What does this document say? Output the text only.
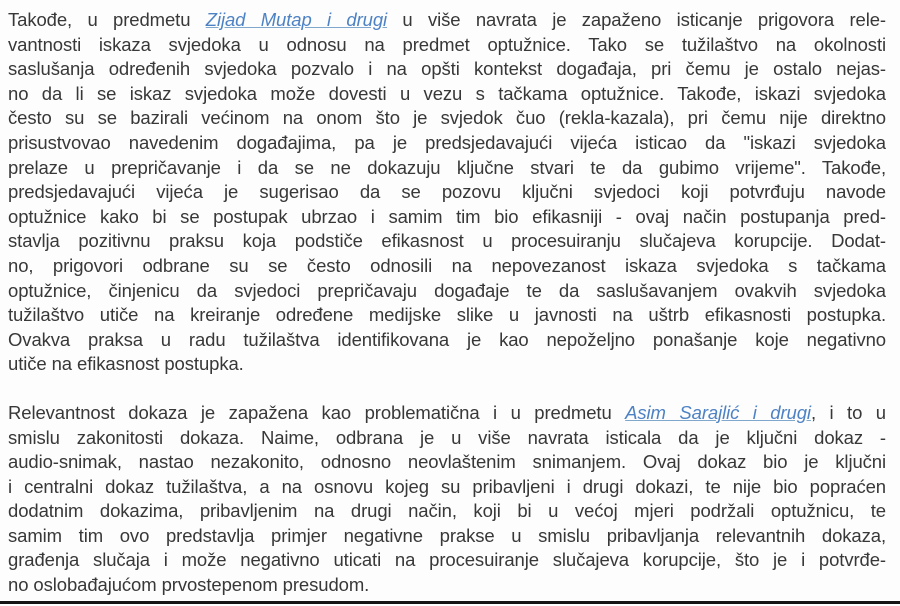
Takođe, u predmetu Zijad Mutap i drugi u više navrata je zapaženo isticanje prigovora rele-
vantnosti iskaza svjedoka u odnosu na predmet optužnice. Tako se tužilaštvo na okolnosti
saslušanja određenih svjedoka pozvalo i na opšti kontekst događaja, pri čemu je ostalo nejas-
no da li se iskaz svjedoka može dovesti u vezu s tačkama optužnice. Takođe, iskazi svjedoka
često su se bazirali većinom na onom što je svjedok čuo (rekla-kazala), pri čemu nije direktno
prisustvovao navedenim događajima, pa je predsjedavajući vijeća isticao da "iskazi svjedoka
prelaze u prepričavanje i da se ne dokazuju ključne stvari te da gubimo vrijeme". Takođe,
predsjedavajući vijeća je sugerisao da se pozovu ključni svjedoci koji potvrđuju navode
optužnice kako bi se postupak ubrzao i samim tim bio efikasniji - ovaj način postupanja pred-
stavlja pozitivnu praksu koja podstiče efikasnost u procesuiranju slučajeva korupcije. Dodat-
no, prigovori odbrane su se često odnosili na nepovezanost iskaza svjedoka s tačkama
optužnice, činjenicu da svjedoci prepričavaju događaje te da saslušavanjem ovakvih svjedoka
tužilaštvo utiče na kreiranje određene medijske slike u javnosti na uštrb efikasnosti postupka.
Ovakva praksa u radu tužilaštva identifikovana je kao nepoželjno ponašanje koje negativno
utiče na efikasnost postupka.
Relevantnost dokaza je zapažena kao problematična i u predmetu Asim Sarajlić i drugi, i to u
smislu zakonitosti dokaza. Naime, odbrana je u više navrata isticala da je ključni dokaz -
audio-snimak, nastao nezakonito, odnosno neovlaštenim snimanjem. Ovaj dokaz bio je ključni
i centralni dokaz tužilaštva, a na osnovu kojeg su pribavljeni i drugi dokazi, te nije bio popraćen
dodatnim dokazima, pribavljenim na drugi način, koji bi u većoj mjeri podržali optužnicu, te
samim tim ovo predstavlja primjer negativne prakse u smislu pribavljanja relevantnih dokaza,
građenja slučaja i može negativno uticati na procesuiranje slučajeva korupcije, što je i potvrđe-
no oslobađajućom prvostepenom presudom.
